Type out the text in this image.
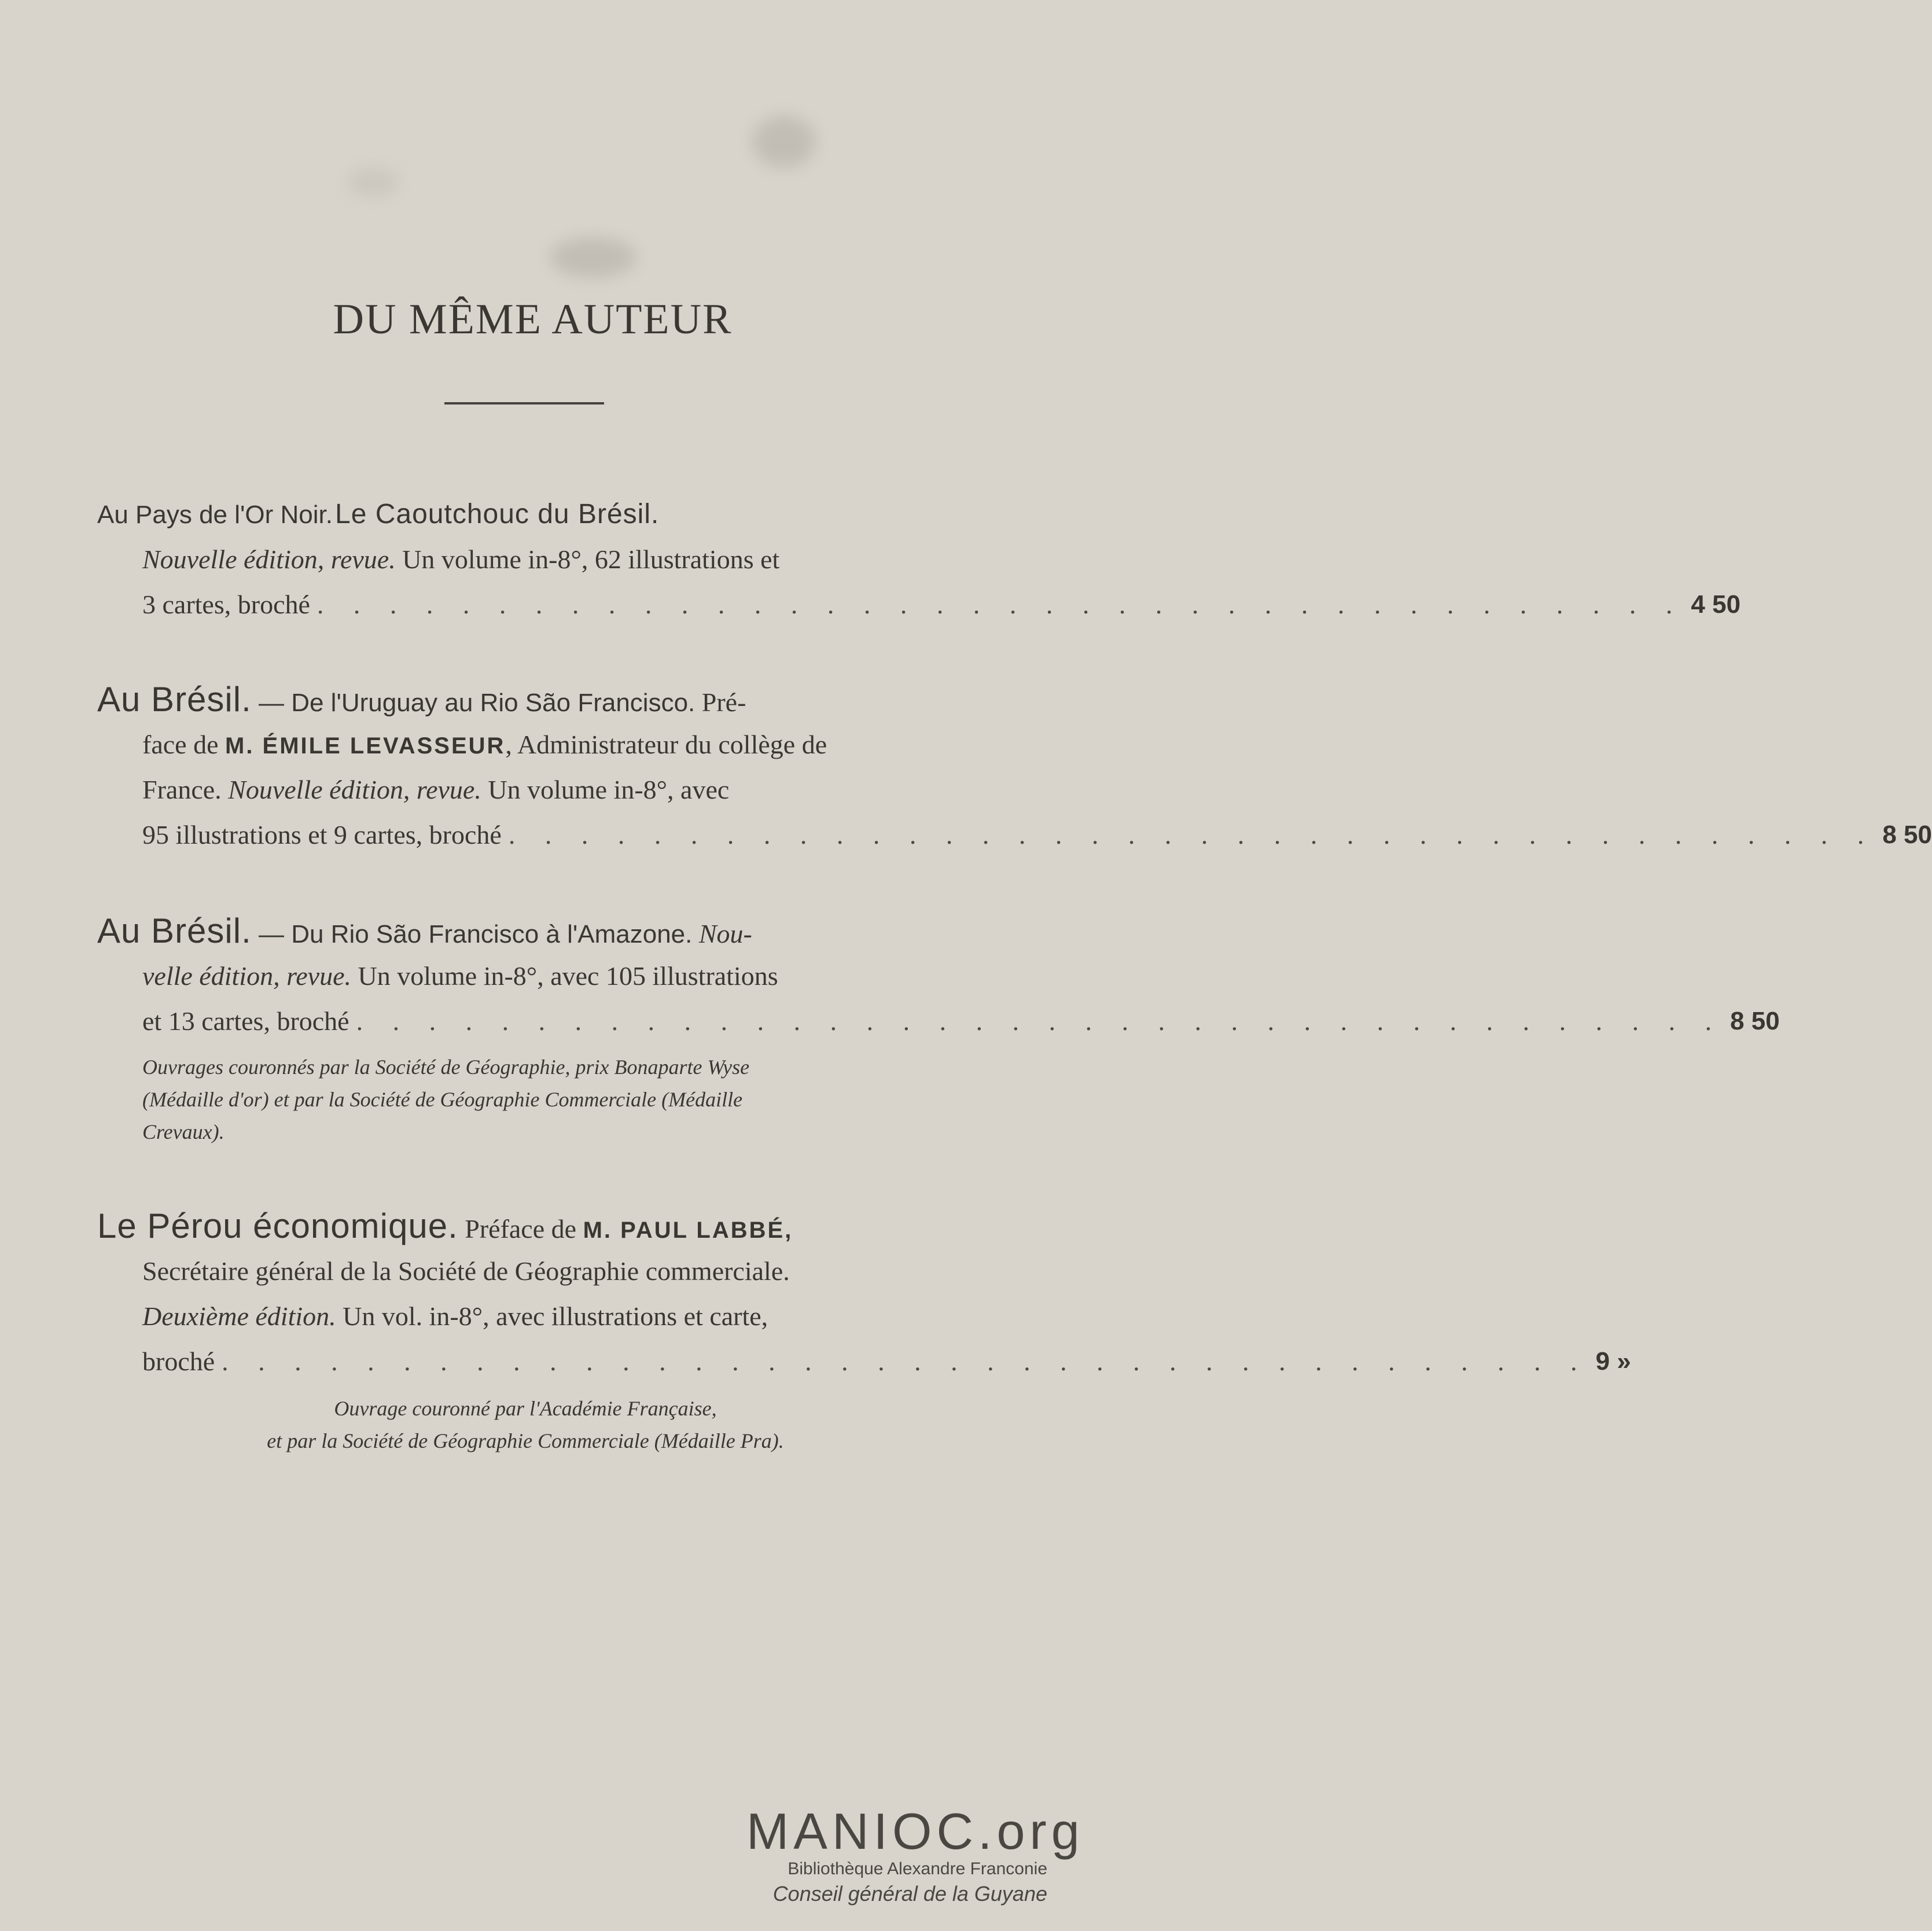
DU MÊME AUTEUR
Au Pays de l'Or Noir. Le Caoutchouc du Brésil.
Nouvelle édition, revue. Un volume in-8°, 62 illustrations et
3 cartes, broché . . . . . . . . . . . . . . . . . . . . . . . . . . . . . . . . . . . . . . 4 50
Au Brésil. — De l'Uruguay au Rio São Francisco. Pré-
face de M. ÉMILE LEVASSEUR, Administrateur du collège de
France. Nouvelle édition, revue. Un volume in-8°, avec
95 illustrations et 9 cartes, broché . . . . . . . . . . . . . . . . . . . . . . . . . . . . . . . . . . . . . . 8 50
Au Brésil. — Du Rio São Francisco à l'Amazone. Nou-
velle édition, revue. Un volume in-8°, avec 105 illustrations
et 13 cartes, broché . . . . . . . . . . . . . . . . . . . . . . . . . . . . . . . . . . . . . . 8 50
Ouvrages couronnés par la Société de Géographie, prix Bonaparte Wyse
(Médaille d'or) et par la Société de Géographie Commerciale (Médaille
Crevaux).
Le Pérou économique. Préface de M. PAUL LABBÉ,
Secrétaire général de la Société de Géographie commerciale.
Deuxième édition. Un vol. in-8°, avec illustrations et carte,
broché . . . . . . . . . . . . . . . . . . . . . . . . . . . . . . . . . . . . . . 9 »
Ouvrage couronné par l'Académie Française,
et par la Société de Géographie Commerciale (Médaille Pra).
MANIOC.org
Bibliothèque Alexandre Franconie
Conseil général de la Guyane
